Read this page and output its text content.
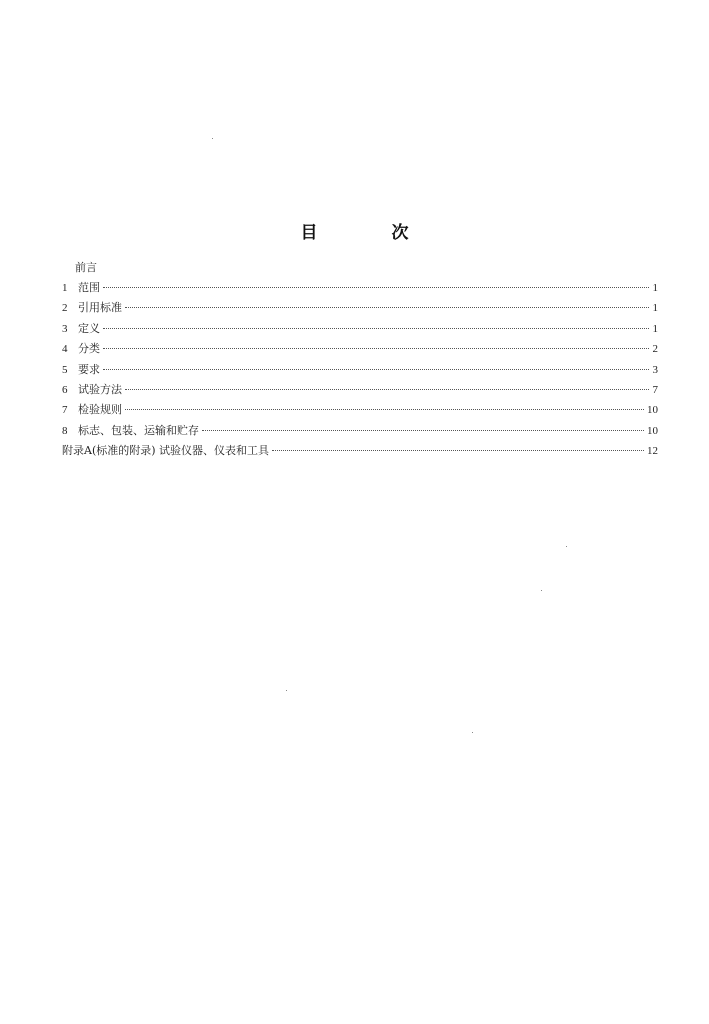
目 次
前言
1 范围	1
2 引用标准	1
3 定义	1
4 分类	2
5 要求	3
6 试验方法	7
7 检验规则	10
8 标志、包装、运输和贮存	10
附录A(标准的附录) 试验仪器、仪表和工具	12
